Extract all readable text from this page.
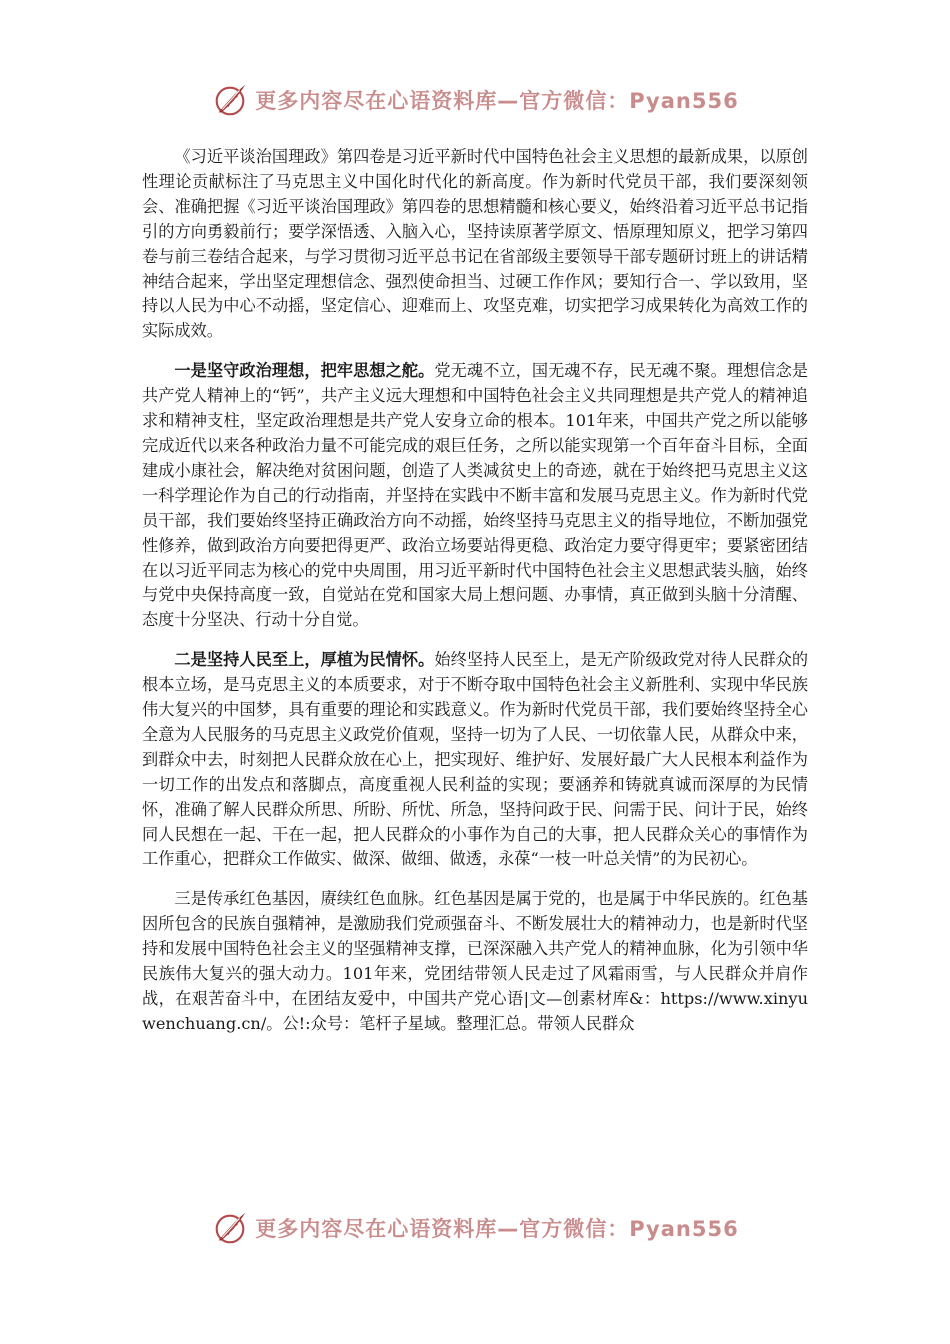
更多内容尽在心语资料库—官方微信：Pyan556

《习近平谈治国理政》第四卷是习近平新时代中国特色社会主义思想的最新成果，以原创性理论贡献标注了马克思主义中国化时代化的新高度。作为新时代党员干部，我们要深刻领会、准确把握《习近平谈治国理政》第四卷的思想精髓和核心要义，始终沿着习近平总书记指引的方向勇毅前行；要学深悟透、入脑入心，坚持读原著学原文、悟原理知原义，把学习第四卷与前三卷结合起来，与学习贯彻习近平总书记在省部级主要领导干部专题研讨班上的讲话精神结合起来，学出坚定理想信念、强烈使命担当、过硬工作作风；要知行合一、学以致用，坚持以人民为中心不动摇，坚定信心、迎难而上、攻坚克难，切实把学习成果转化为高效工作的实际成效。

一是坚守政治理想，把牢思想之舵。党无魂不立，国无魂不存，民无魂不聚。理想信念是共产党人精神上的“钙”，共产主义远大理想和中国特色社会主义共同理想是共产党人的精神追求和精神支柱，坚定政治理想是共产党人安身立命的根本。101年来，中国共产党之所以能够完成近代以来各种政治力量不可能完成的艰巨任务，之所以能实现第一个百年奋斗目标，全面建成小康社会，解决绝对贫困问题，创造了人类减贫史上的奇迹，就在于始终把马克思主义这一科学理论作为自己的行动指南，并坚持在实践中不断丰富和发展马克思主义。作为新时代党员干部，我们要始终坚持正确政治方向不动摇，始终坚持马克思主义的指导地位，不断加强党性修养，做到政治方向要把得更严、政治立场要站得更稳、政治定力要守得更牢；要紧密团结在以习近平同志为核心的党中央周围，用习近平新时代中国特色社会主义思想武装头脑，始终与党中央保持高度一致，自觉站在党和国家大局上想问题、办事情，真正做到头脑十分清醒、态度十分坚决、行动十分自觉。

二是坚持人民至上，厚植为民情怀。始终坚持人民至上，是无产阶级政党对待人民群众的根本立场，是马克思主义的本质要求，对于不断夺取中国特色社会主义新胜利、实现中华民族伟大复兴的中国梦，具有重要的理论和实践意义。作为新时代党员干部，我们要始终坚持全心全意为人民服务的马克思主义政党价值观，坚持一切为了人民、一切依靠人民，从群众中来，到群众中去，时刻把人民群众放在心上，把实现好、维护好、发展好最广大人民根本利益作为一切工作的出发点和落脚点，高度重视人民利益的实现；要涵养和铸就真诚而深厚的为民情怀，准确了解人民群众所思、所盼、所忧、所急，坚持问政于民、问需于民、问计于民，始终同人民想在一起、干在一起，把人民群众的小事作为自己的大事，把人民群众关心的事情作为工作重心，把群众工作做实、做深、做细、做透，永葆“一枝一叶总关情”的为民初心。

三是传承红色基因，赓续红色血脉。红色基因是属于党的，也是属于中华民族的。红色基因所包含的民族自强精神，是激励我们党顽强奋斗、不断发展壮大的精神动力，也是新时代坚持和发展中国特色社会主义的坚强精神支撑，已深深融入共产党人的精神血脉，化为引领中华民族伟大复兴的强大动力。101年来，党团结带领人民走过了风霜雨雪，与人民群众并肩作战，在艰苦奋斗中，在团结友爱中，中国共产党心语|文—创素材库&：https://www.xinyuwenchuang.cn/。公!:众号：笔杆子星域。整理汇总。带领人民群众

更多内容尽在心语资料库—官方微信：Pyan556
